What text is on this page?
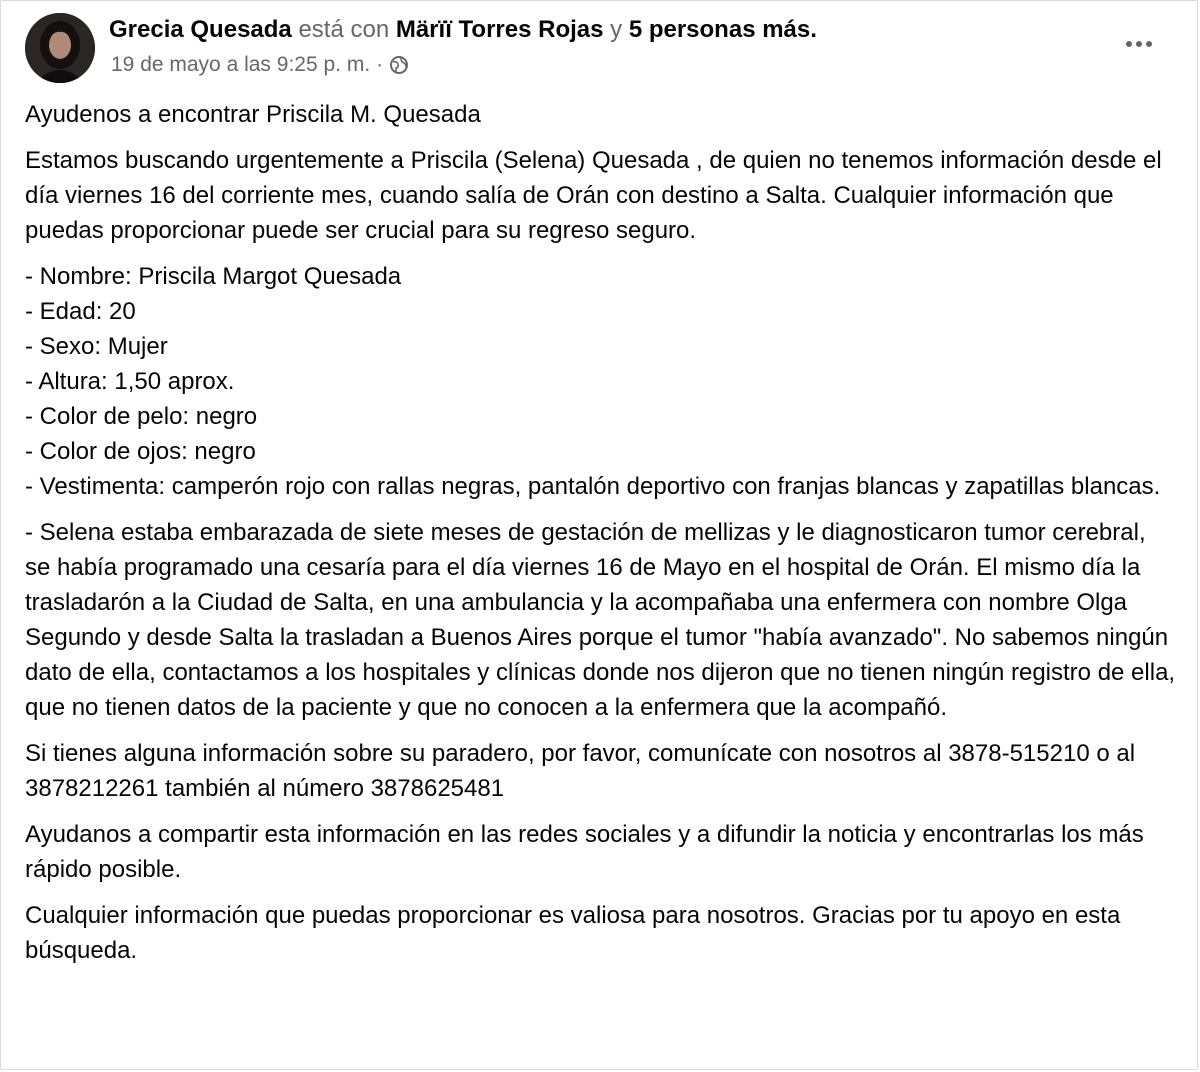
Grecia Quesada está con Märïï Torres Rojas y 5 personas más.
19 de mayo a las 9:25 p. m. ·

Ayudenos a encontrar Priscila M. Quesada

Estamos buscando urgentemente a Priscila (Selena) Quesada , de quien no tenemos información desde el día viernes 16 del corriente mes, cuando salía de Orán con destino a Salta. Cualquier información que puedas proporcionar puede ser crucial para su regreso seguro.

- Nombre: Priscila Margot Quesada

- Edad: 20

- Sexo: Mujer

- Altura: 1,50 aprox.

- Color de pelo: negro

- Color de ojos: negro

- Vestimenta: camperón rojo con rallas negras, pantalón deportivo con franjas blancas y zapatillas blancas.

- Selena estaba embarazada de siete meses de gestación de mellizas y le diagnosticaron tumor cerebral, se había programado una cesaría para el día viernes 16 de Mayo en el hospital de Orán. El mismo día la trasladarón a la Ciudad de Salta, en una ambulancia y la acompañaba una enfermera con nombre Olga Segundo y desde Salta la trasladan a Buenos Aires porque el tumor "había avanzado". No sabemos ningún dato de ella, contactamos a los hospitales y clínicas donde nos dijeron que no tienen ningún registro de ella, que no tienen datos de la paciente y que no conocen a la enfermera que la acompañó.

Si tienes alguna información sobre su paradero, por favor, comunícate con nosotros al 3878-515210 o al 3878212261 también al número 3878625481

Ayudanos a compartir esta información en las redes sociales y a difundir la noticia y encontrarlas los más rápido posible.

Cualquier información que puedas proporcionar es valiosa para nosotros. Gracias por tu apoyo en esta búsqueda.
